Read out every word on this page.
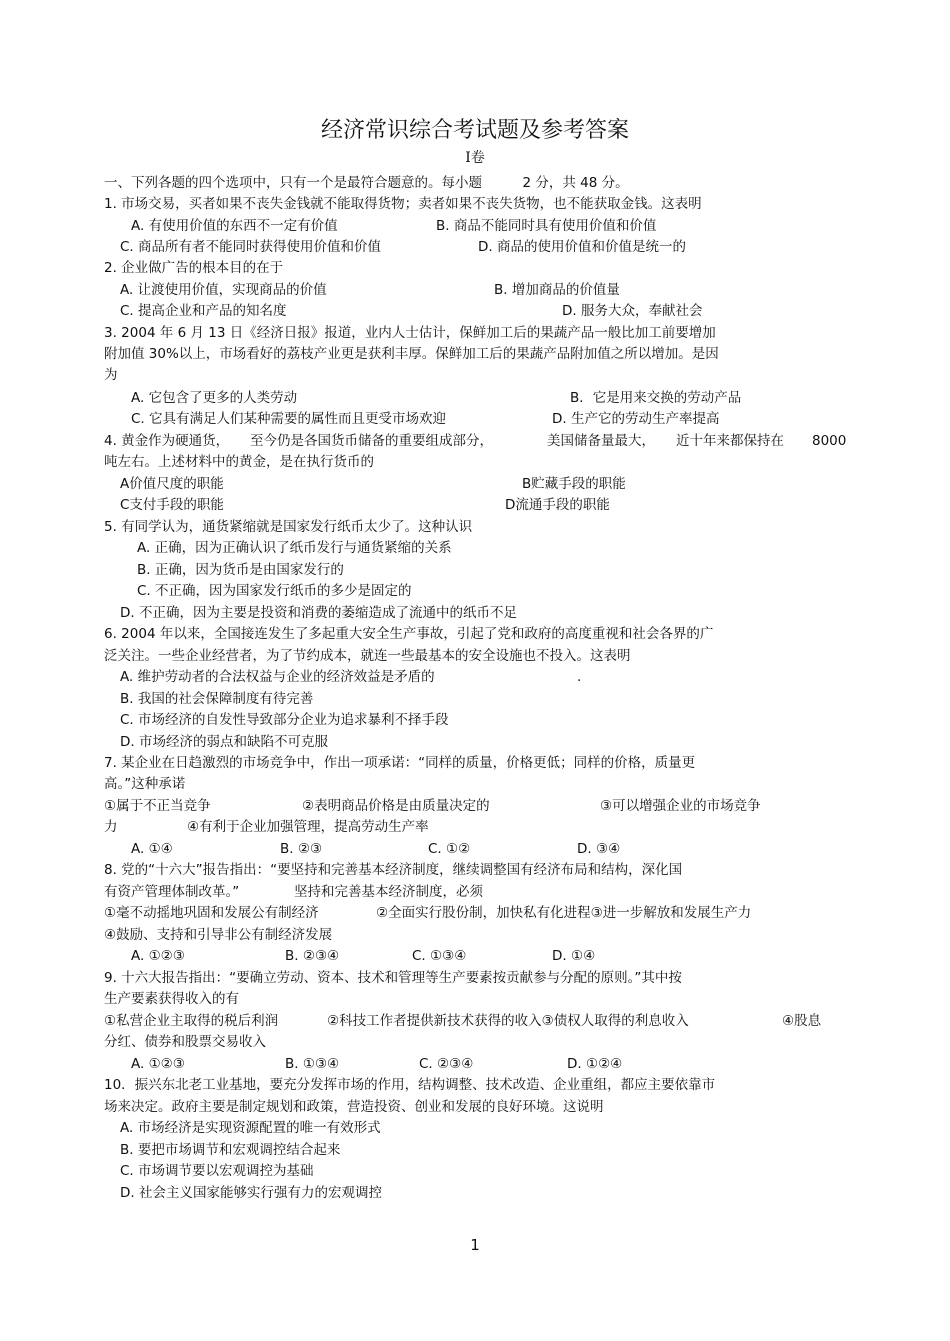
经济常识综合考试题及参考答案
Ⅰ卷
一、下列各题的四个选项中，只有一个是最符合题意的。每小题　　　2 分，共 48 分。
1. 市场交易，买者如果不丧失金钱就不能取得货物；卖者如果不丧失货物，也不能获取金钱。这表明
A. 有使用价值的东西不一定有价值	B. 商品不能同时具有使用价值和价值
C. 商品所有者不能同时获得使用价值和价值	D. 商品的使用价值和价值是统一的
2. 企业做广告的根本目的在于
A. 让渡使用价值，实现商品的价值	B. 增加商品的价值量
C. 提高企业和产品的知名度	D. 服务大众，奉献社会
3. 2004 年 6 月 13 日《经济日报》报道，业内人士估计，保鲜加工后的果蔬产品一般比加工前要增加
附加值 30%以上，市场看好的荔枝产业更是获利丰厚。保鲜加工后的果蔬产品附加值之所以增加。是因
为
A. 它包含了更多的人类劳动	B．它是用来交换的劳动产品
C. 它具有满足人们某种需要的属性而且更受市场欢迎	D. 生产它的劳动生产率提高
4. 黄金作为硬通货， 至今仍是各国货币储备的重要组成部分，	美国储备量最大， 近十年来都保持在 8000
吨左右。上述材料中的黄金，是在执行货币的
A价值尺度的职能	B贮藏手段的职能
C支付手段的职能	D流通手段的职能
5. 有同学认为，通货紧缩就是国家发行纸币太少了。这种认识
A. 正确，因为正确认识了纸币发行与通货紧缩的关系
B. 正确，因为货币是由国家发行的
C. 不正确，因为国家发行纸币的多少是固定的
D. 不正确，因为主要是投资和消费的萎缩造成了流通中的纸币不足
6. 2004 年以来，全国接连发生了多起重大安全生产事故，引起了党和政府的高度重视和社会各界的广
泛关注。一些企业经营者，为了节约成本，就连一些最基本的安全设施也不投入。这表明
A. 维护劳动者的合法权益与企业的经济效益是矛盾的	.
B. 我国的社会保障制度有待完善
C. 市场经济的自发性导致部分企业为追求暴利不择手段
D. 市场经济的弱点和缺陷不可克服
7. 某企业在日趋激烈的市场竞争中，作出一项承诺：“同样的质量，价格更低；同样的价格，质量更
高。”这种承诺
①属于不正当竞争	②表明商品价格是由质量决定的	③可以增强企业的市场竞争
力	④有利于企业加强管理，提高劳动生产率
A. ①④	B. ②③	C. ①②	D. ③④
8. 党的“十六大”报告指出：“要坚持和完善基本经济制度，继续调整国有经济布局和结构，深化国
有资产管理体制改革。”	坚持和完善基本经济制度，必须
①毫不动摇地巩固和发展公有制经济	②全面实行股份制，加快私有化进程③进一步解放和发展生产力
④鼓励、支持和引导非公有制经济发展
A. ①②③	B. ②③④	C. ①③④	D. ①④
9. 十六大报告指出：“要确立劳动、资本、技术和管理等生产要素按贡献参与分配的原则。”其中按
生产要素获得收入的有
①私营企业主取得的税后利润	②科技工作者提供新技术获得的收入③债权人取得的利息收入	④股息
分红、债券和股票交易收入
A. ①②③	B. ①③④	C. ②③④	D. ①②④
10．振兴东北老工业基地，要充分发挥市场的作用，结构调整、技术改造、企业重组，都应主要依靠市
场来决定。政府主要是制定规划和政策，营造投资、创业和发展的良好环境。这说明
A. 市场经济是实现资源配置的唯一有效形式
B. 要把市场调节和宏观调控结合起来
C. 市场调节要以宏观调控为基础
D. 社会主义国家能够实行强有力的宏观调控
1
